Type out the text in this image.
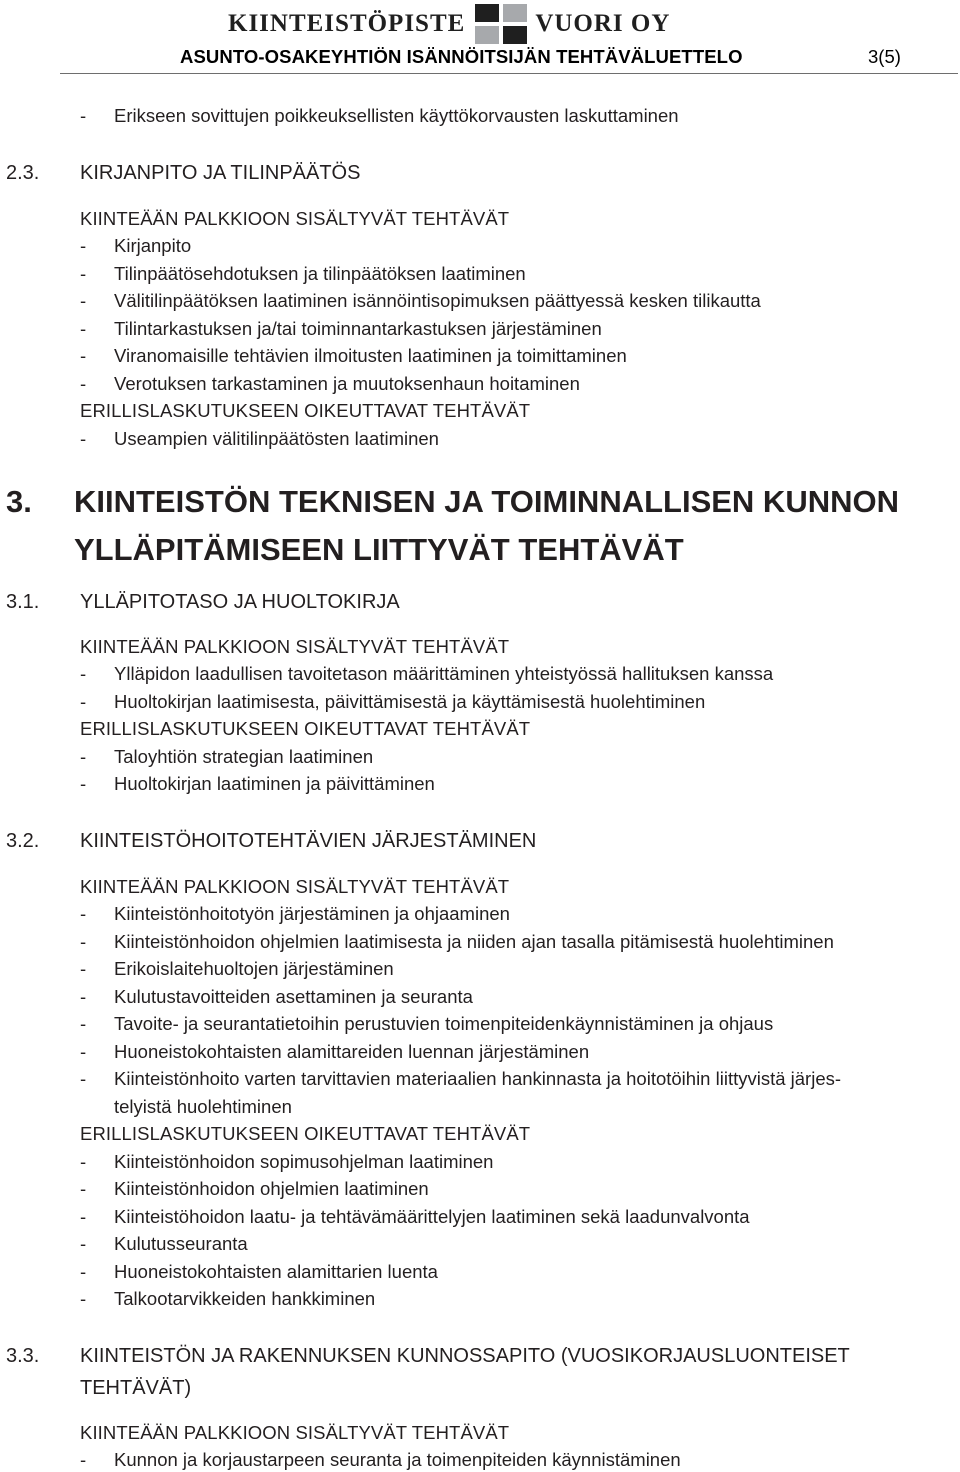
KIINTEISTÖPISTE	VUORI OY
ASUNTO-OSAKEYHTIÖN ISÄNNÖITSIJÄN TEHTÄVÄLUETTELO	3(5)
- Erikseen sovittujen poikkeuksellisten käyttökorvausten laskuttaminen
2.3. KIRJANPITO JA TILINPÄÄTÖS
KIINTEÄÄN PALKKIOON SISÄLTYVÄT TEHTÄVÄT
- Kirjanpito
- Tilinpäätösehdotuksen ja tilinpäätöksen laatiminen
- Välitilinpäätöksen laatiminen isännöintisopimuksen päättyessä kesken tilikautta
- Tilintarkastuksen ja/tai toiminnantarkastuksen järjestäminen
- Viranomaisille tehtävien ilmoitusten laatiminen ja toimittaminen
- Verotuksen tarkastaminen ja muutoksenhaun hoitaminen
ERILLISLASKUTUKSEEN OIKEUTTAVAT TEHTÄVÄT
- Useampien välitilinpäätösten laatiminen
3. KIINTEISTÖN TEKNISEN JA TOIMINNALLISEN KUNNON
YLLÄPITÄMISEEN LIITTYVÄT TEHTÄVÄT
3.1. YLLÄPITOTASO JA HUOLTOKIRJA
KIINTEÄÄN PALKKIOON SISÄLTYVÄT TEHTÄVÄT
- Ylläpidon laadullisen tavoitetason määrittäminen yhteistyössä hallituksen kanssa
- Huoltokirjan laatimisesta, päivittämisestä ja käyttämisestä huolehtiminen
ERILLISLASKUTUKSEEN OIKEUTTAVAT TEHTÄVÄT
- Taloyhtiön strategian laatiminen
- Huoltokirjan laatiminen ja päivittäminen
3.2. KIINTEISTÖHOITOTEHTÄVIEN JÄRJESTÄMINEN
KIINTEÄÄN PALKKIOON SISÄLTYVÄT TEHTÄVÄT
- Kiinteistönhoitotyön järjestäminen ja ohjaaminen
- Kiinteistönhoidon ohjelmien laatimisesta ja niiden ajan tasalla pitämisestä huolehtiminen
- Erikoislaitehuoltojen järjestäminen
- Kulutustavoitteiden asettaminen ja seuranta
- Tavoite- ja seurantatietoihin perustuvien toimenpiteidenkäynnistäminen ja ohjaus
- Huoneistokohtaisten alamittareiden luennan järjestäminen
- Kiinteistönhoito varten tarvittavien materiaalien hankinnasta ja hoitotöihin liittyvistä järjes-
telyistä huolehtiminen
ERILLISLASKUTUKSEEN OIKEUTTAVAT TEHTÄVÄT
- Kiinteistönhoidon sopimusohjelman laatiminen
- Kiinteistönhoidon ohjelmien laatiminen
- Kiinteistöhoidon laatu- ja tehtävämäärittelyjen laatiminen sekä laadunvalvonta
- Kulutusseuranta
- Huoneistokohtaisten alamittarien luenta
- Talkootarvikkeiden hankkiminen
3.3. KIINTEISTÖN JA RAKENNUKSEN KUNNOSSAPITO (VUOSIKORJAUSLUONTEISET
TEHTÄVÄT)
KIINTEÄÄN PALKKIOON SISÄLTYVÄT TEHTÄVÄT
- Kunnon ja korjaustarpeen seuranta ja toimenpiteiden käynnistäminen
